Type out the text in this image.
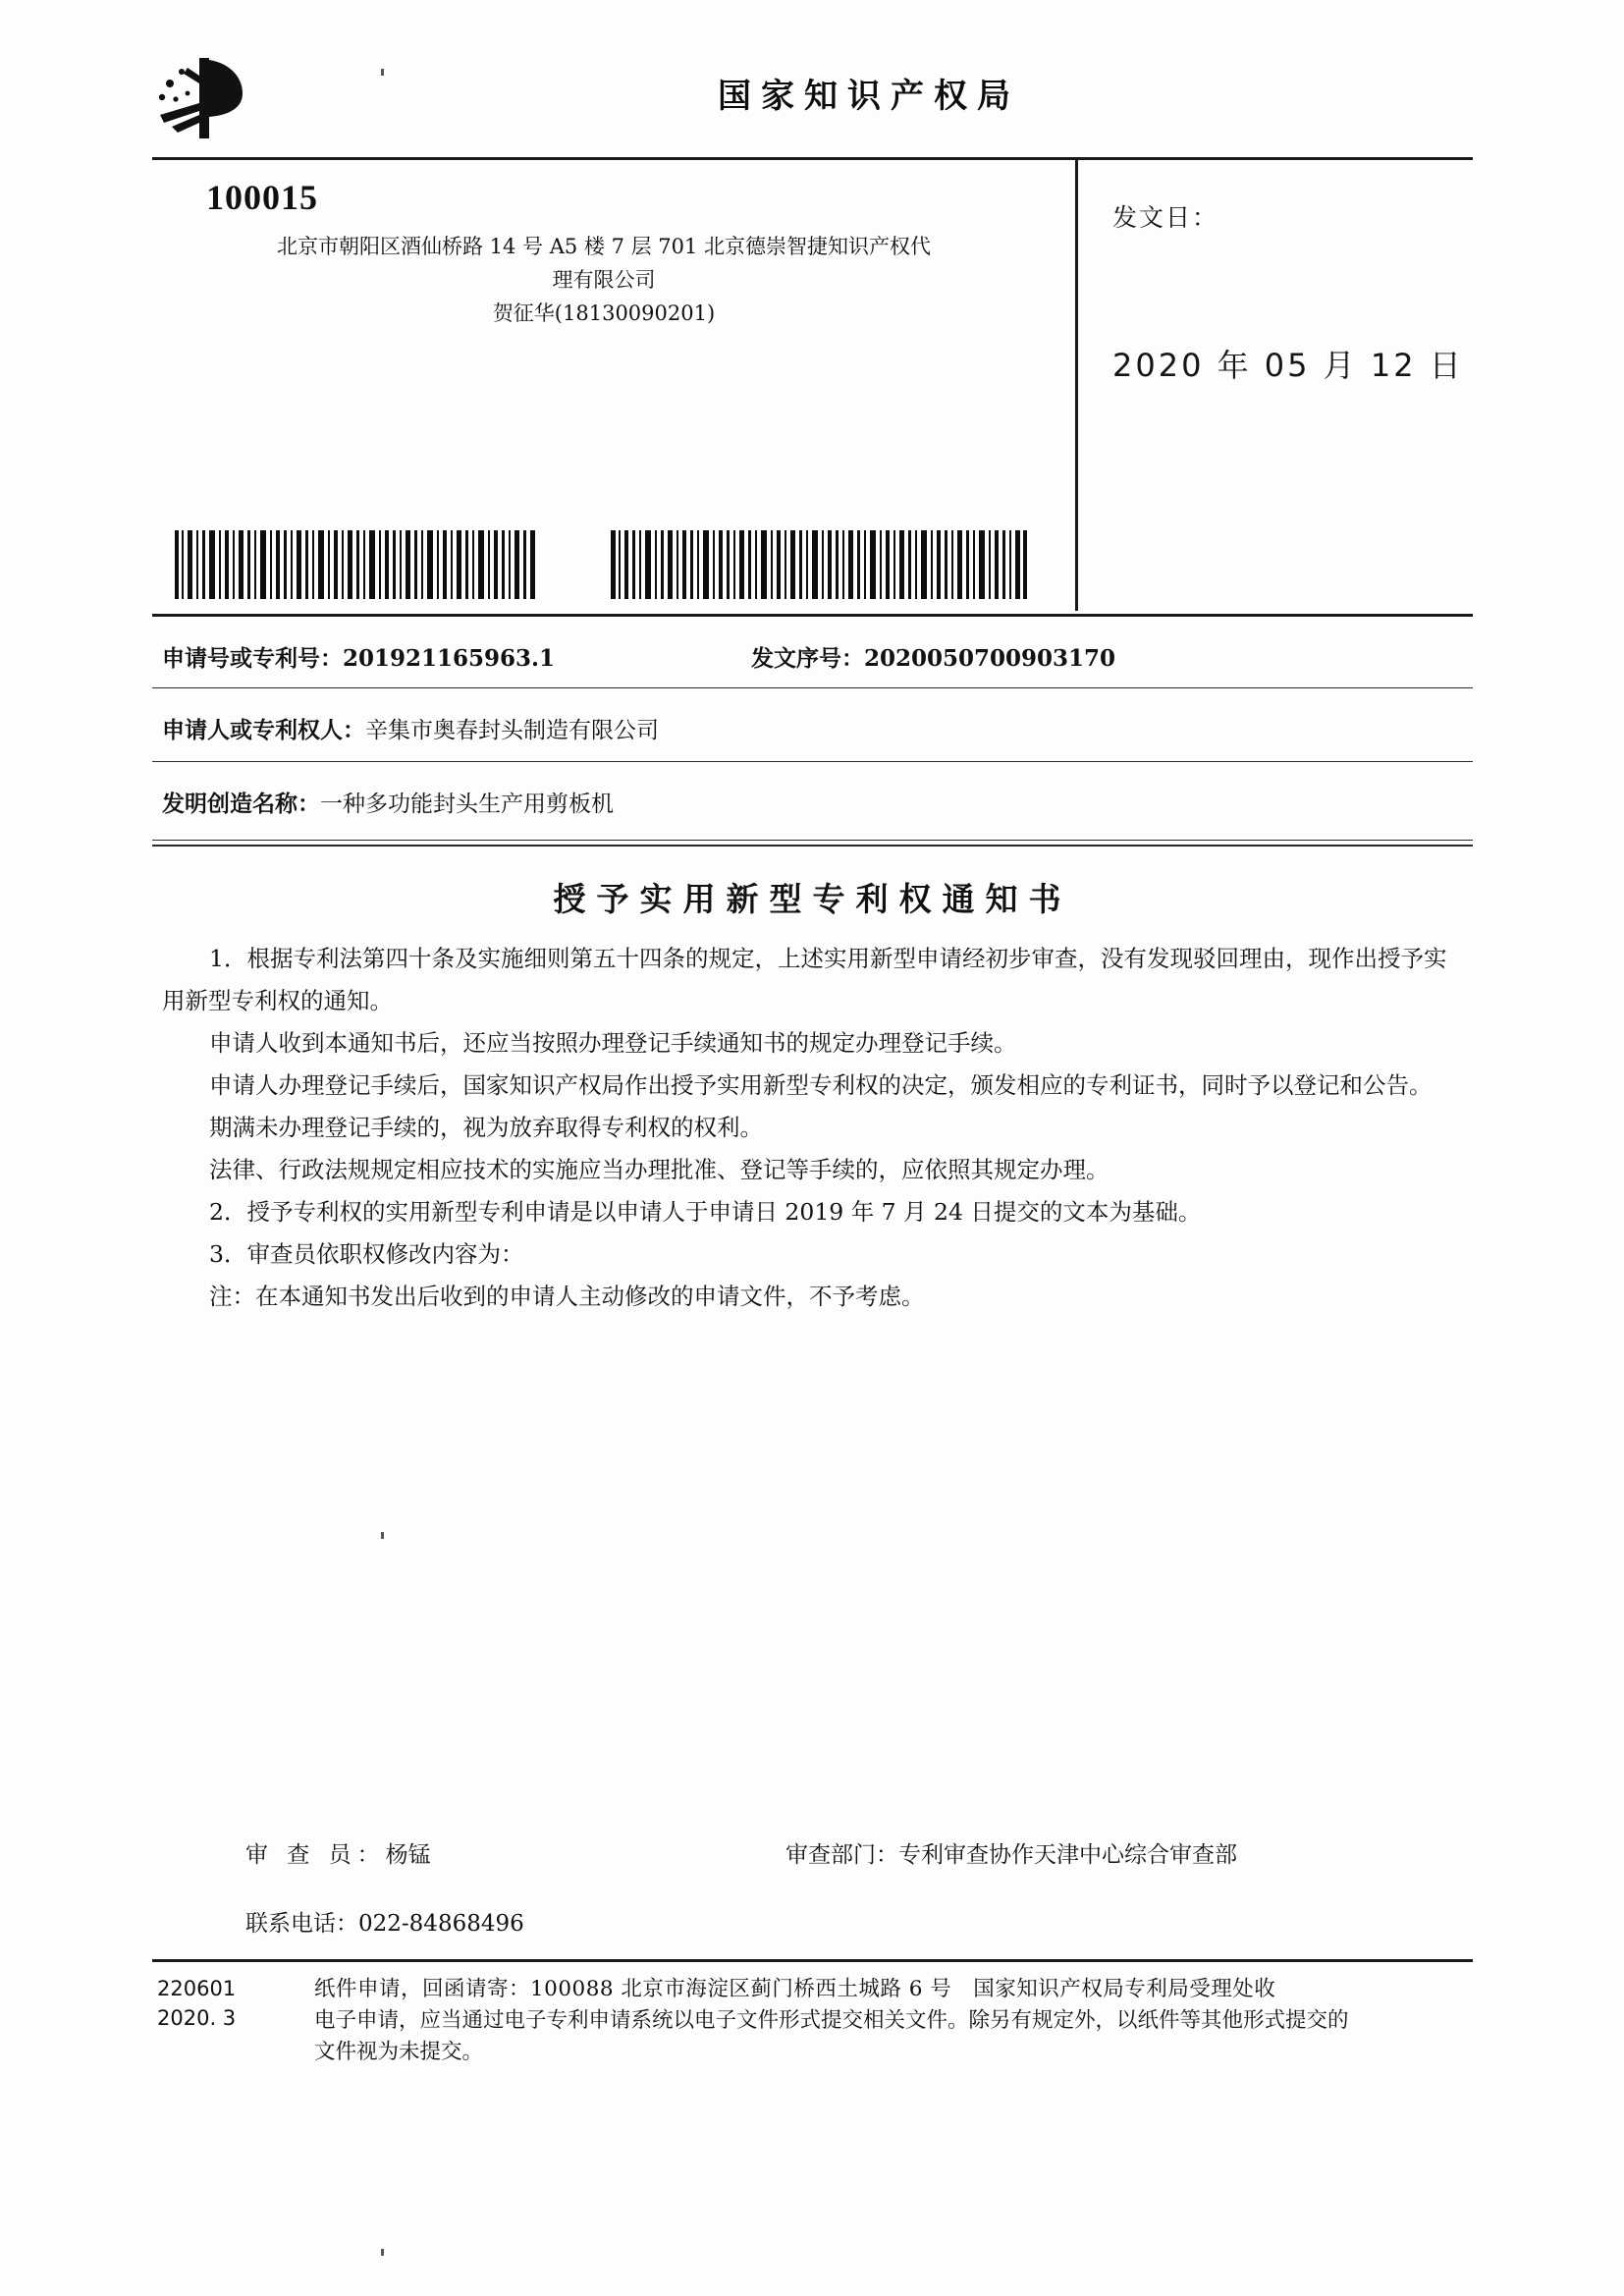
国家知识产权局
100015
北京市朝阳区酒仙桥路 14 号 A5 楼 7 层 701 北京德崇智捷知识产权代
理有限公司
贺征华(18130090201)
发文日：
2020 年 05 月 12 日
申请号或专利号：201921165963.1	发文序号：2020050700903170
申请人或专利权人：辛集市奥春封头制造有限公司
发明创造名称：一种多功能封头生产用剪板机
授予实用新型专利权通知书

1．根据专利法第四十条及实施细则第五十四条的规定，上述实用新型申请经初步审查，没有发现驳回理由，现作出授予实用新型专利权的通知。

申请人收到本通知书后，还应当按照办理登记手续通知书的规定办理登记手续。

申请人办理登记手续后，国家知识产权局作出授予实用新型专利权的决定，颁发相应的专利证书，同时予以登记和公告。

期满未办理登记手续的，视为放弃取得专利权的权利。

法律、行政法规规定相应技术的实施应当办理批准、登记等手续的，应依照其规定办理。

2．授予专利权的实用新型专利申请是以申请人于申请日 2019 年 7 月 24 日提交的文本为基础。

3．审查员依职权修改内容为：

注：在本通知书发出后收到的申请人主动修改的申请文件，不予考虑。

审 查 员：杨锰	审查部门：专利审查协作天津中心综合审查部
联系电话：022-84868496
220601
2020. 3
纸件申请，回函请寄：100088 北京市海淀区蓟门桥西土城路 6 号　国家知识产权局专利局受理处收
电子申请，应当通过电子专利申请系统以电子文件形式提交相关文件。除另有规定外，以纸件等其他形式提交的
文件视为未提交。
